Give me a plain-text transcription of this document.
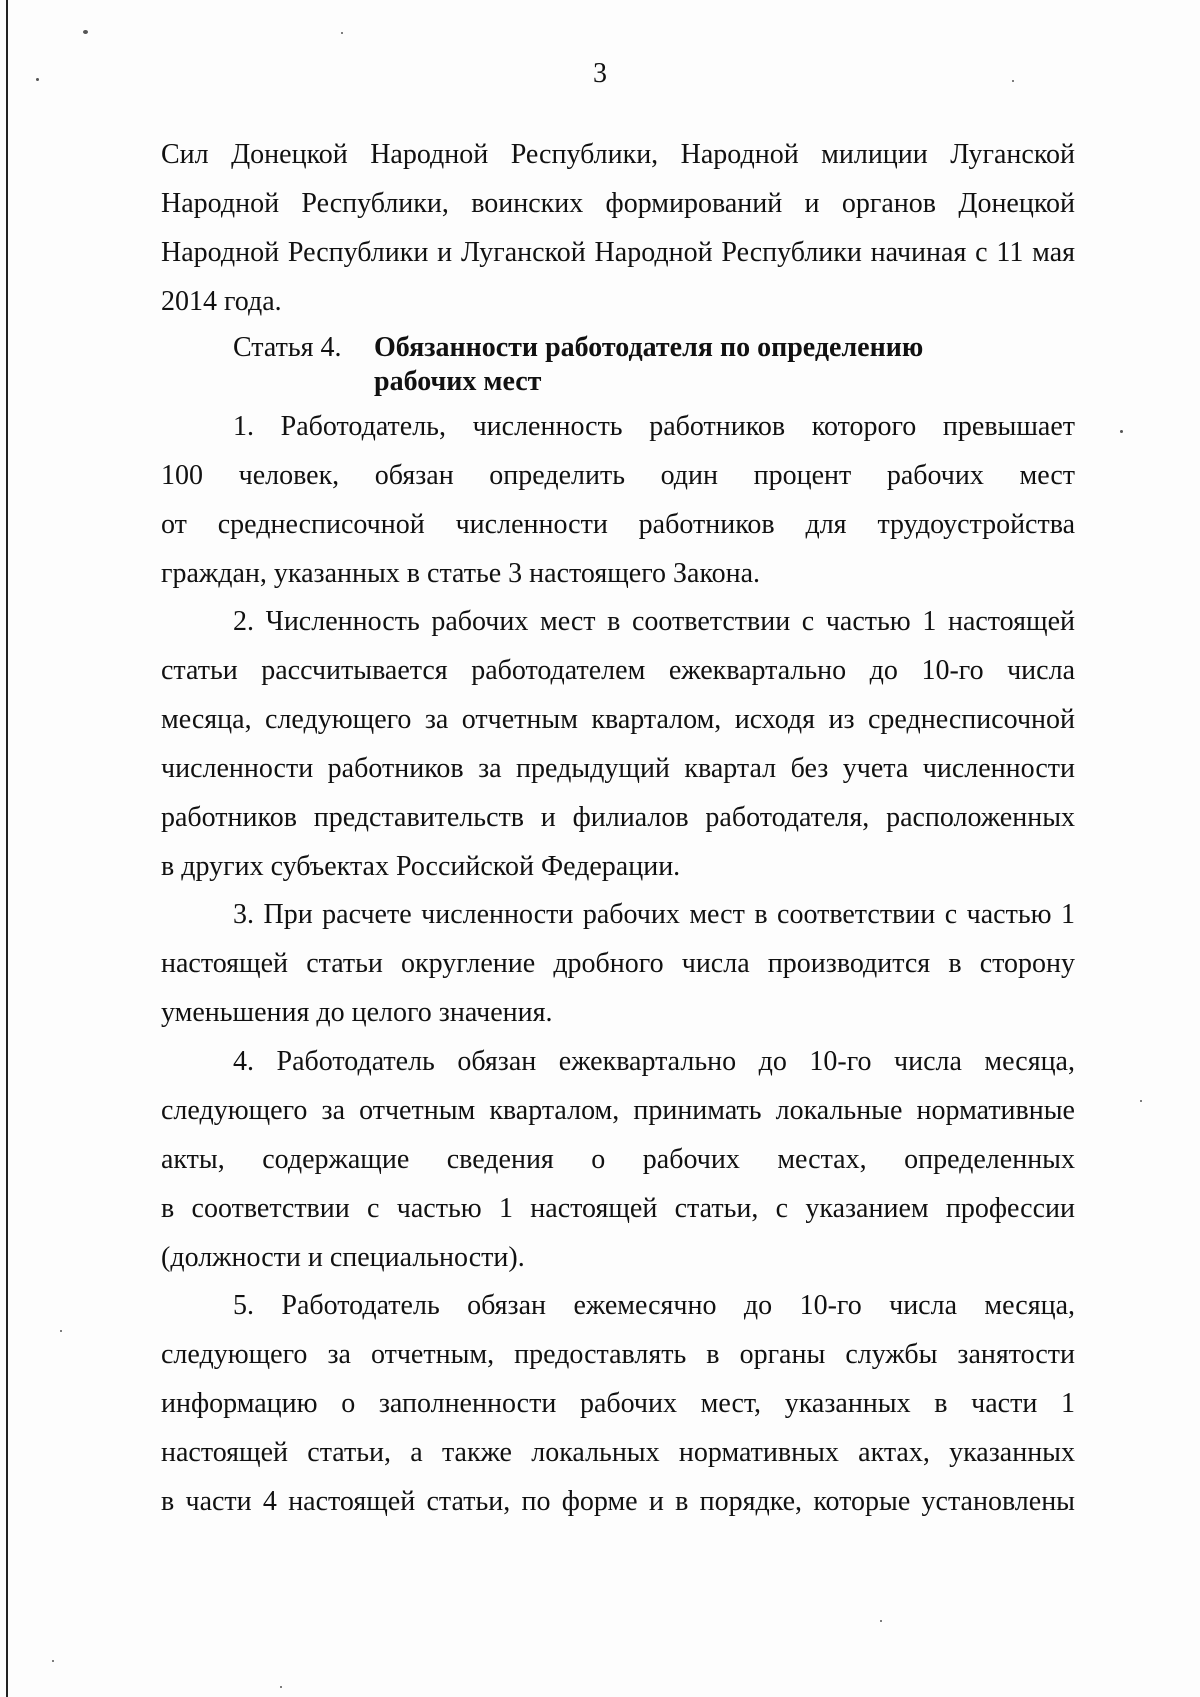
3
Сил Донецкой Народной Республики, Народной милиции Луганской
Народной Республики, воинских формирований и органов Донецкой
Народной Республики и Луганской Народной Республики начиная с 11 мая
2014 года.
Статья 4. Обязанности работодателя по определению
рабочих мест
1. Работодатель, численность работников которого превышает
100 человек, обязан определить один процент рабочих мест
от среднесписочной численности работников для трудоустройства
граждан, указанных в статье 3 настоящего Закона.
2. Численность рабочих мест в соответствии с частью 1 настоящей
статьи рассчитывается работодателем ежеквартально до 10-го числа
месяца, следующего за отчетным кварталом, исходя из среднесписочной
численности работников за предыдущий квартал без учета численности
работников представительств и филиалов работодателя, расположенных
в других субъектах Российской Федерации.
3. При расчете численности рабочих мест в соответствии с частью 1
настоящей статьи округление дробного числа производится в сторону
уменьшения до целого значения.
4. Работодатель обязан ежеквартально до 10-го числа месяца,
следующего за отчетным кварталом, принимать локальные нормативные
акты, содержащие сведения о рабочих местах, определенных
в соответствии с частью 1 настоящей статьи, с указанием профессии
(должности и специальности).
5. Работодатель обязан ежемесячно до 10-го числа месяца,
следующего за отчетным, предоставлять в органы службы занятости
информацию о заполненности рабочих мест, указанных в части 1
настоящей статьи, а также локальных нормативных актах, указанных
в части 4 настоящей статьи, по форме и в порядке, которые установлены
